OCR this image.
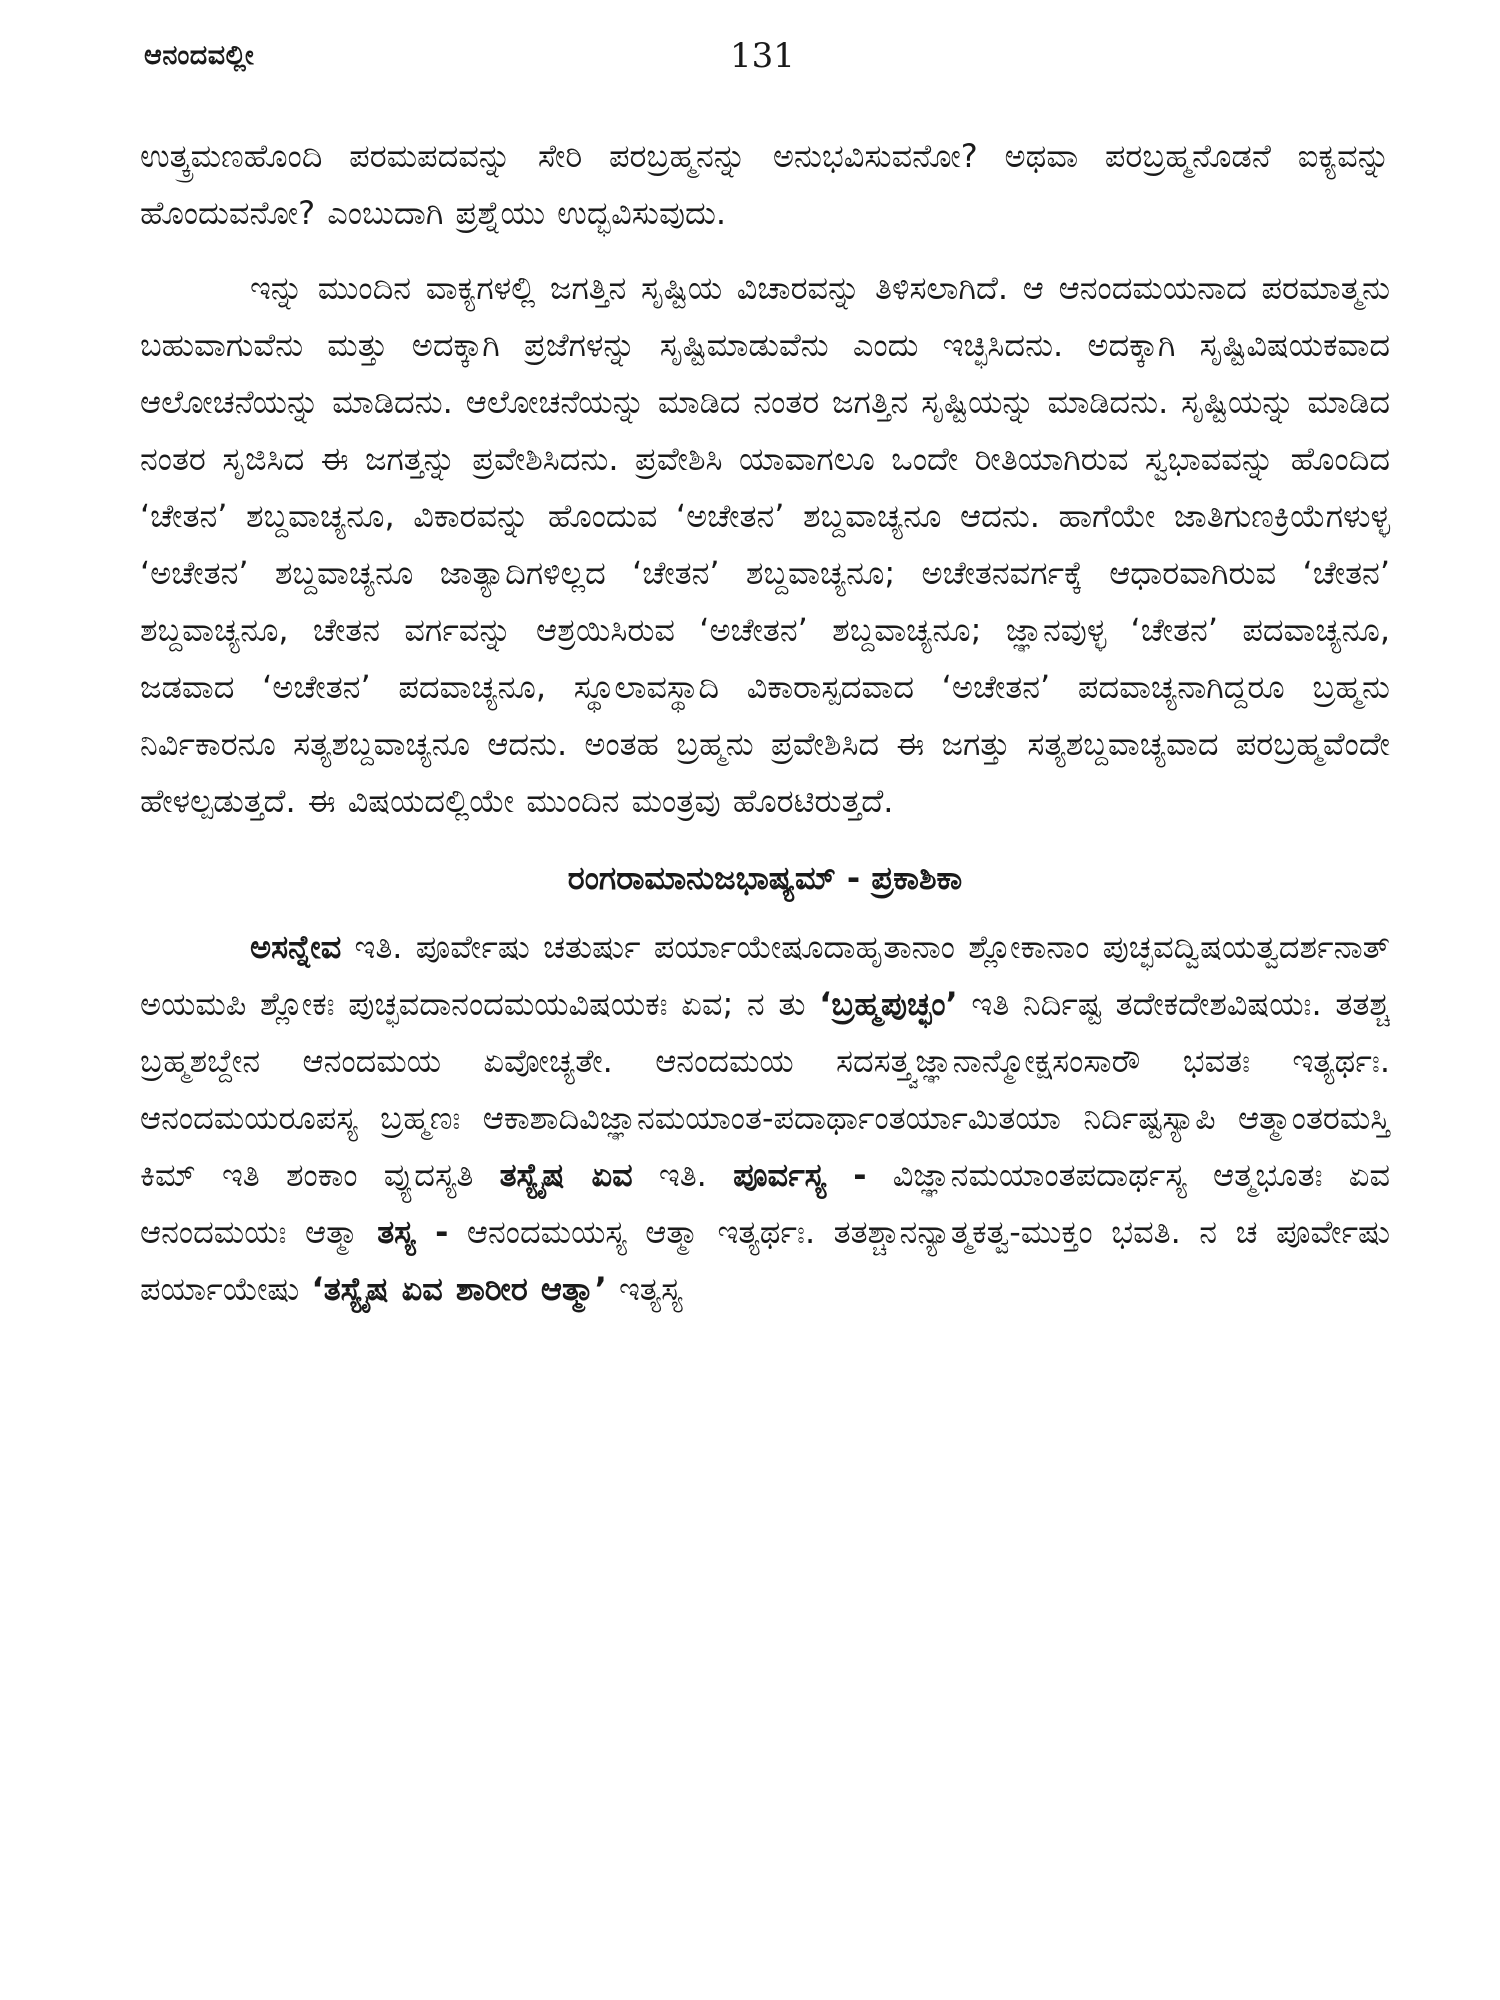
ಆನಂದವಲ್ಲೀ	131

ಉತ್ಕ್ರಮಣಹೊಂದಿ ಪರಮಪದವನ್ನು ಸೇರಿ ಪರಬ್ರಹ್ಮನನ್ನು ಅನುಭವಿಸುವನೋ? ಅಥವಾ ಪರಬ್ರಹ್ಮನೊಡನೆ ಐಕ್ಯವನ್ನು ಹೊಂದುವನೋ? ಎಂಬುದಾಗಿ ಪ್ರಶ್ನೆಯು ಉದ್ಭವಿಸುವುದು.

ಇನ್ನು ಮುಂದಿನ ವಾಕ್ಯಗಳಲ್ಲಿ ಜಗತ್ತಿನ ಸೃಷ್ಟಿಯ ವಿಚಾರವನ್ನು ತಿಳಿಸಲಾಗಿದೆ. ಆ ಆನಂದಮಯನಾದ ಪರಮಾತ್ಮನು ಬಹುವಾಗುವೆನು ಮತ್ತು ಅದಕ್ಕಾಗಿ ಪ್ರಜೆಗಳನ್ನು ಸೃಷ್ಟಿಮಾಡುವೆನು ಎಂದು ಇಚ್ಛಿಸಿದನು. ಅದಕ್ಕಾಗಿ ಸೃಷ್ಟಿವಿಷಯಕವಾದ ಆಲೋಚನೆಯನ್ನು ಮಾಡಿದನು. ಆಲೋಚನೆಯನ್ನು ಮಾಡಿದ ನಂತರ ಜಗತ್ತಿನ ಸೃಷ್ಟಿಯನ್ನು ಮಾಡಿದನು. ಸೃಷ್ಟಿಯನ್ನು ಮಾಡಿದ ನಂತರ ಸೃಜಿಸಿದ ಈ ಜಗತ್ತನ್ನು ಪ್ರವೇಶಿಸಿದನು. ಪ್ರವೇಶಿಸಿ ಯಾವಾಗಲೂ ಒಂದೇ ರೀತಿಯಾಗಿರುವ ಸ್ವಭಾವವನ್ನು ಹೊಂದಿದ ‘ಚೇತನ’ ಶಬ್ದವಾಚ್ಯನೂ, ವಿಕಾರವನ್ನು ಹೊಂದುವ ‘ಅಚೇತನ’ ಶಬ್ದವಾಚ್ಯನೂ ಆದನು. ಹಾಗೆಯೇ ಜಾತಿಗುಣಕ್ರಿಯೆಗಳುಳ್ಳ ‘ಅಚೇತನ’ ಶಬ್ದವಾಚ್ಯನೂ ಜಾತ್ಯಾದಿಗಳಿಲ್ಲದ ‘ಚೇತನ’ ಶಬ್ದವಾಚ್ಯನೂ; ಅಚೇತನವರ್ಗಕ್ಕೆ ಆಧಾರವಾಗಿರುವ ‘ಚೇತನ’ ಶಬ್ದವಾಚ್ಯನೂ, ಚೇತನ ವರ್ಗವನ್ನು ಆಶ್ರಯಿಸಿರುವ ‘ಅಚೇತನ’ ಶಬ್ದವಾಚ್ಯನೂ; ಜ್ಞಾನವುಳ್ಳ ‘ಚೇತನ’ ಪದವಾಚ್ಯನೂ, ಜಡವಾದ ‘ಅಚೇತನ’ ಪದವಾಚ್ಯನೂ, ಸ್ಥೂಲಾವಸ್ಥಾದಿ ವಿಕಾರಾಸ್ಪದವಾದ ‘ಅಚೇತನ’ ಪದವಾಚ್ಯನಾಗಿದ್ದರೂ ಬ್ರಹ್ಮನು ನಿರ್ವಿಕಾರನೂ ಸತ್ಯಶಬ್ದವಾಚ್ಯನೂ ಆದನು. ಅಂತಹ ಬ್ರಹ್ಮನು ಪ್ರವೇಶಿಸಿದ ಈ ಜಗತ್ತು ಸತ್ಯಶಬ್ದವಾಚ್ಯವಾದ ಪರಬ್ರಹ್ಮವೆಂದೇ ಹೇಳಲ್ಪಡುತ್ತದೆ. ಈ ವಿಷಯದಲ್ಲಿಯೇ ಮುಂದಿನ ಮಂತ್ರವು ಹೊರಟಿರುತ್ತದೆ.

ರಂಗರಾಮಾನುಜಭಾಷ್ಯಮ್ - ಪ್ರಕಾಶಿಕಾ

ಅಸನ್ನೇವ ಇತಿ. ಪೂರ್ವೇಷು ಚತುರ್ಷು ಪರ್ಯಾಯೇಷೂದಾಹೃತಾನಾಂ ಶ್ಲೋಕಾನಾಂ ಪುಚ್ಛವದ್ವಿಷಯತ್ವದರ್ಶನಾತ್ ಅಯಮಪಿ ಶ್ಲೋಕಃ ಪುಚ್ಛವದಾನಂದಮಯವಿಷಯಕಃ ಏವ; ನ ತು ‘ಬ್ರಹ್ಮಪುಚ್ಛಂ’ ಇತಿ ನಿರ್ದಿಷ್ಟ ತದೇಕದೇಶವಿಷಯಃ. ತತಶ್ಚ ಬ್ರಹ್ಮಶಬ್ದೇನ ಆನಂದಮಯ ಏವೋಚ್ಯತೇ. ಆನಂದಮಯ ಸದಸತ್ತ್ವಜ್ಞಾನಾನ್ಮೋಕ್ಷಸಂಸಾರೌ ಭವತಃ ಇತ್ಯರ್ಥಃ. ಆನಂದಮಯರೂಪಸ್ಯ ಬ್ರಹ್ಮಣಃ ಆಕಾಶಾದಿವಿಜ್ಞಾನಮಯಾಂತ-ಪದಾರ್ಥಾಂತರ್ಯಾಮಿತಯಾ ನಿರ್ದಿಷ್ಟಸ್ಯಾಪಿ ಆತ್ಮಾಂತರಮಸ್ತಿ ಕಿಮ್ ಇತಿ ಶಂಕಾಂ ವ್ಯುದಸ್ಯತಿ ತಸ್ಯೈಷ ಏವ ಇತಿ. ಪೂರ್ವಸ್ಯ - ವಿಜ್ಞಾನಮಯಾಂತಪದಾರ್ಥಸ್ಯ ಆತ್ಮಭೂತಃ ಏವ ಆನಂದಮಯಃ ಆತ್ಮಾ ತಸ್ಯ - ಆನಂದಮಯಸ್ಯ ಆತ್ಮಾ ಇತ್ಯರ್ಥಃ. ತತಶ್ಚಾನನ್ಯಾತ್ಮಕತ್ವ-ಮುಕ್ತಂ ಭವತಿ. ನ ಚ ಪೂರ್ವೇಷು ಪರ್ಯಾಯೇಷು ‘ತಸ್ಯೈಷ ಏವ ಶಾರೀರ ಆತ್ಮಾ’ ಇತ್ಯಸ್ಯ
